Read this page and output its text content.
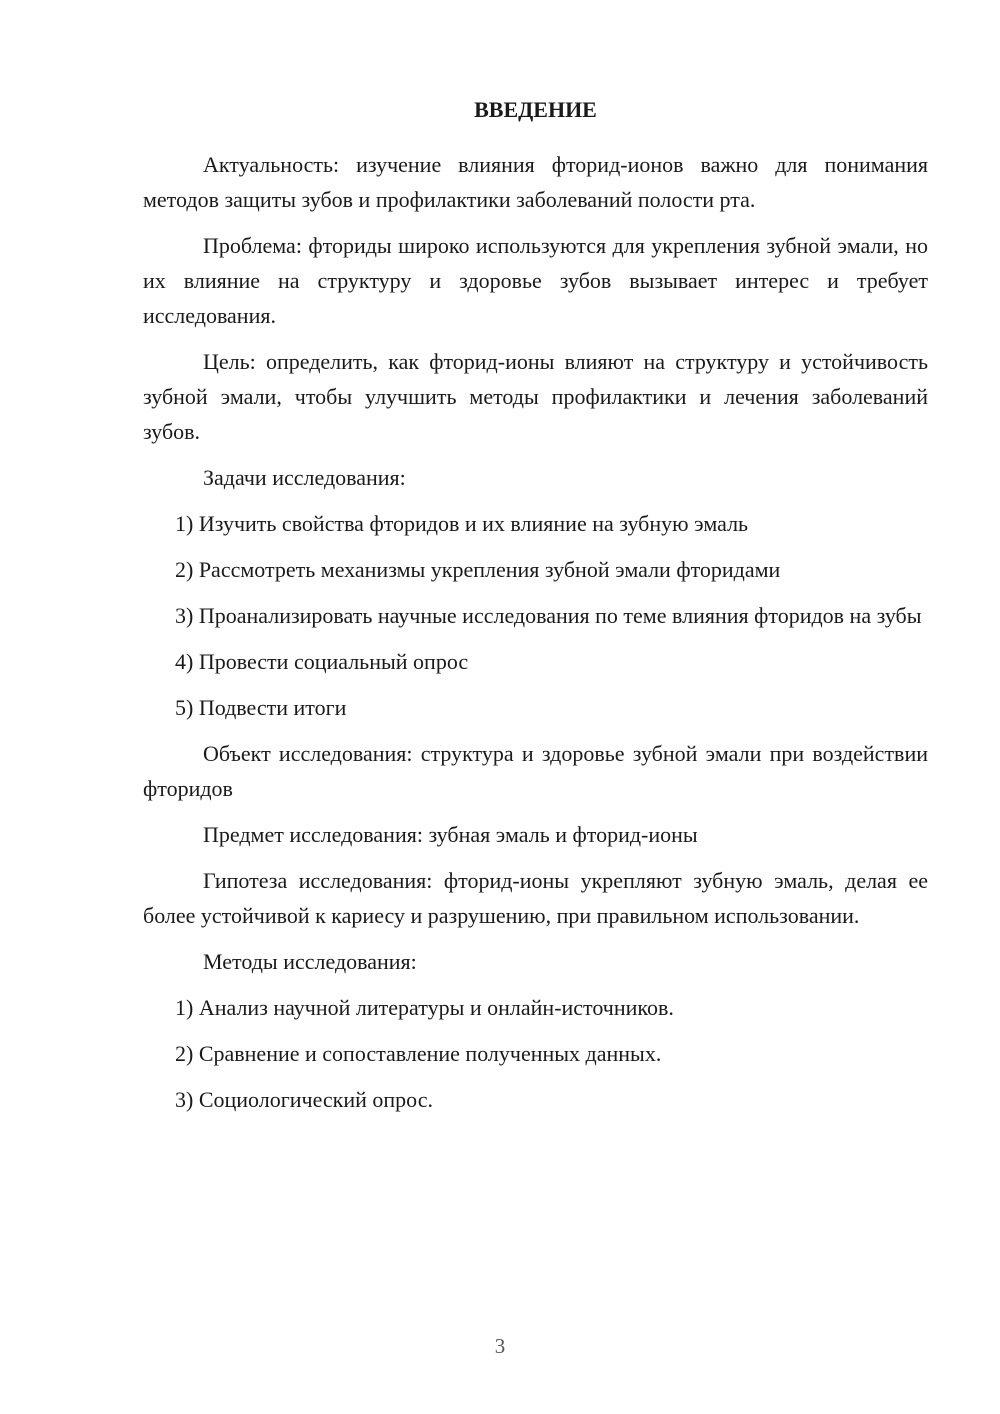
ВВЕДЕНИЕ

Актуальность: изучение влияния фторид-ионов важно для понимания методов защиты зубов и профилактики заболеваний полости рта.

Проблема: фториды широко используются для укрепления зубной эмали, но их влияние на структуру и здоровье зубов вызывает интерес и требует исследования.

Цель: определить, как фторид-ионы влияют на структуру и устойчивость зубной эмали, чтобы улучшить методы профилактики и лечения заболеваний зубов.

Задачи исследования:

1) Изучить свойства фторидов и их влияние на зубную эмаль

2) Рассмотреть механизмы укрепления зубной эмали фторидами

3) Проанализировать научные исследования по теме влияния фторидов на зубы

4) Провести социальный опрос

5) Подвести итоги

Объект исследования: структура и здоровье зубной эмали при воздействии фторидов

Предмет исследования: зубная эмаль и фторид-ионы

Гипотеза исследования: фторид-ионы укрепляют зубную эмаль, делая ее более устойчивой к кариесу и разрушению, при правильном использовании.

Методы исследования:

1) Анализ научной литературы и онлайн-источников.

2) Сравнение и сопоставление полученных данных.

3) Социологический опрос.

3
